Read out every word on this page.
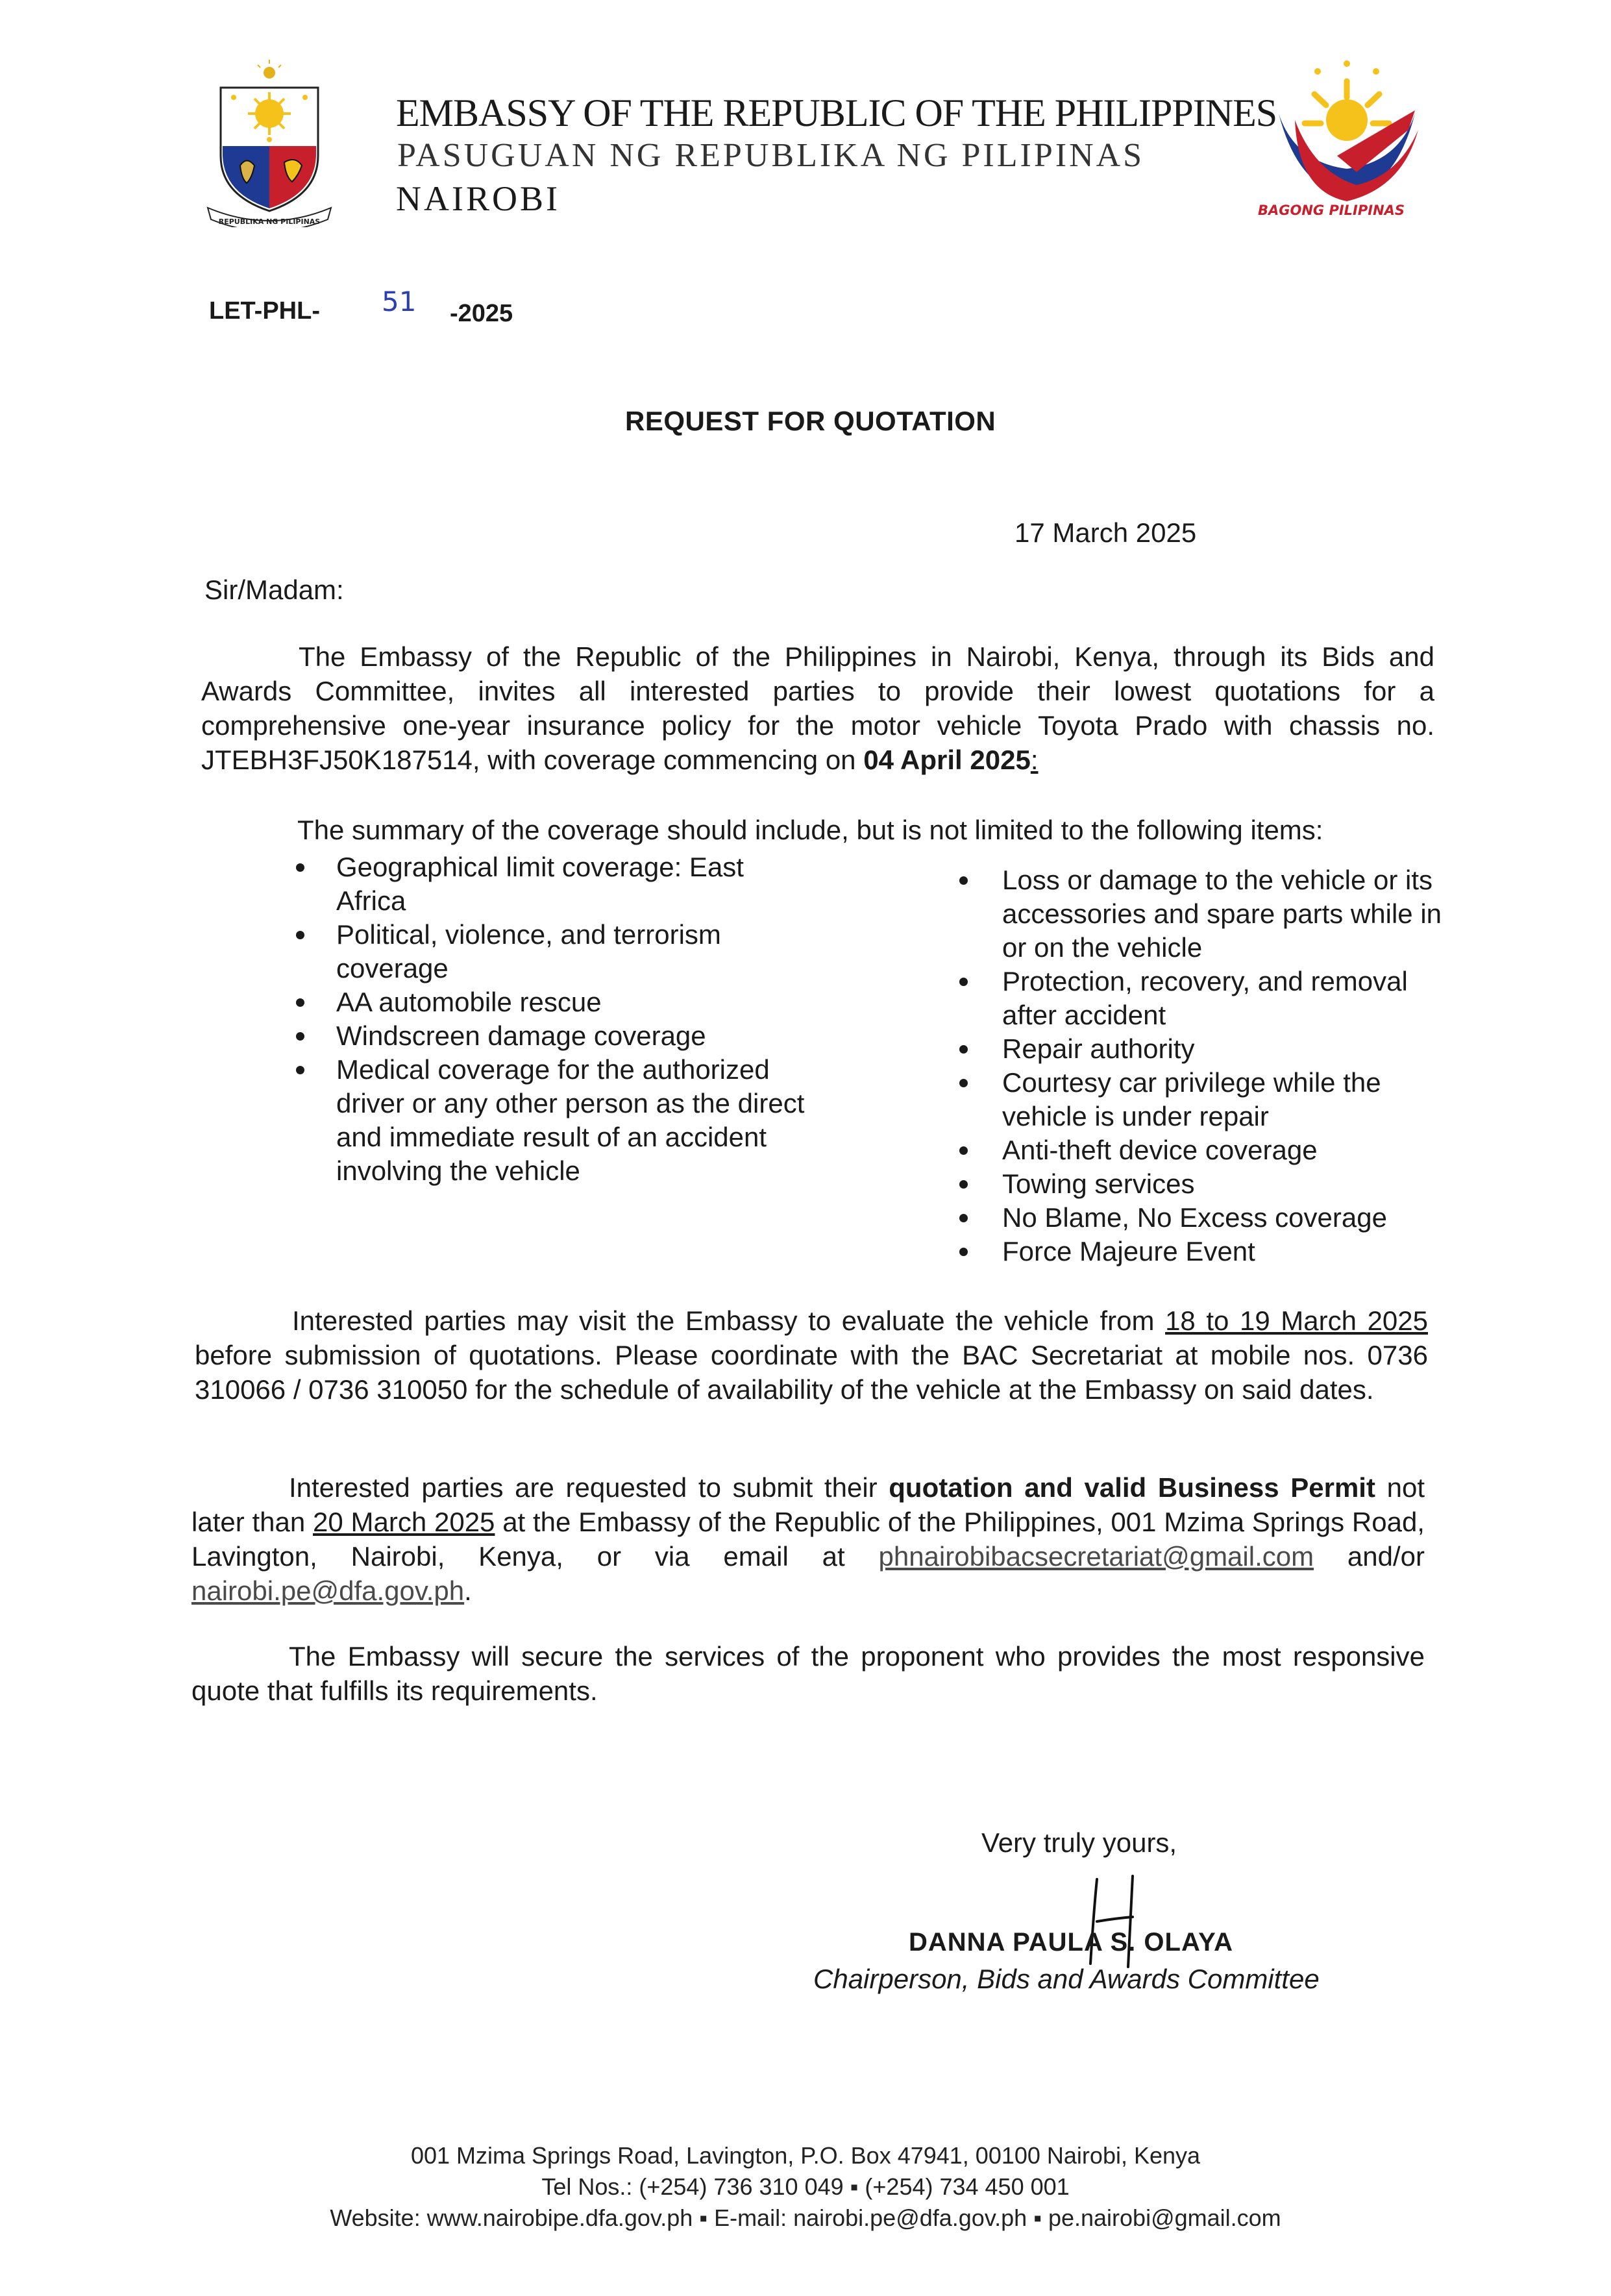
REPUBLIKA NG PILIPINAS
EMBASSY OF THE REPUBLIC OF THE PHILIPPINES
PASUGUAN NG REPUBLIKA NG PILIPINAS
NAIROBI	BAGONG PILIPINAS
LET-PHL- 51 -2025
REQUEST FOR QUOTATION
17 March 2025
Sir/Madam:
The Embassy of the Republic of the Philippines in Nairobi, Kenya, through its Bids and Awards Committee, invites all interested parties to provide their lowest quotations for a comprehensive one-year insurance policy for the motor vehicle Toyota Prado with chassis no. JTEBH3FJ50K187514, with coverage commencing on 04 April 2025:
The summary of the coverage should include, but is not limited to the following items:
Geographical limit coverage: East Africa
Political, violence, and terrorism coverage
AA automobile rescue
Windscreen damage coverage
Medical coverage for the authorized driver or any other person as the direct and immediate result of an accident involving the vehicle
Loss or damage to the vehicle or its accessories and spare parts while in or on the vehicle
Protection, recovery, and removal after accident
Repair authority
Courtesy car privilege while the vehicle is under repair
Anti-theft device coverage
Towing services
No Blame, No Excess coverage
Force Majeure Event
Interested parties may visit the Embassy to evaluate the vehicle from 18 to 19 March 2025 before submission of quotations. Please coordinate with the BAC Secretariat at mobile nos. 0736 310066 / 0736 310050 for the schedule of availability of the vehicle at the Embassy on said dates.
Interested parties are requested to submit their quotation and valid Business Permit not later than 20 March 2025 at the Embassy of the Republic of the Philippines, 001 Mzima Springs Road, Lavington, Nairobi, Kenya, or via email at phnairobibacsecretariat@gmail.com and/or nairobi.pe@dfa.gov.ph.
The Embassy will secure the services of the proponent who provides the most responsive quote that fulfills its requirements.
Very truly yours,
DANNA PAULA S. OLAYA
Chairperson, Bids and Awards Committee
001 Mzima Springs Road, Lavington, P.O. Box 47941, 00100 Nairobi, Kenya
Tel Nos.: (+254) 736 310 049 ▪ (+254) 734 450 001
Website: www.nairobipe.dfa.gov.ph ▪ E-mail: nairobi.pe@dfa.gov.ph ▪ pe.nairobi@gmail.com
